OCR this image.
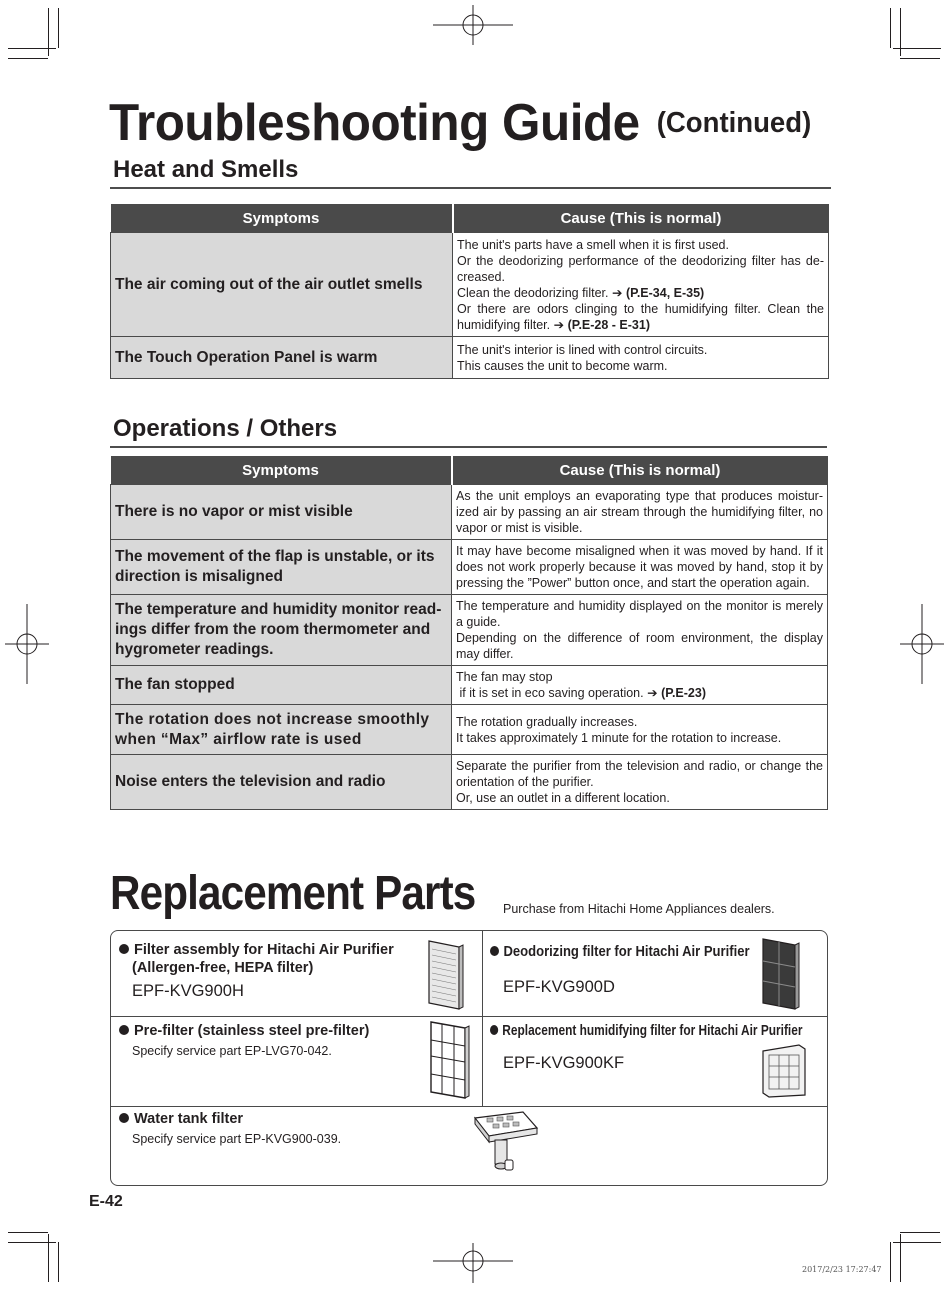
Troubleshooting Guide (Continued)
Heat and Smells
Symptoms	Cause (This is normal)
The air coming out of the air outlet smells	The unit's parts have a smell when it is first used.
Or the deodorizing performance of the deodorizing filter has de-creased.
Clean the deodorizing filter. ➔ (P.E-34, E-35)
Or there are odors clinging to the humidifying filter. Clean the humidifying filter. ➔ (P.E-28 - E-31)

The Touch Operation Panel is warm	The unit's interior is lined with control circuits.
This causes the unit to become warm.
Operations / Others
Symptoms	Cause (This is normal)
There is no vapor or mist visible	As the unit employs an evaporating type that produces moistur-ized air by passing an air stream through the humidifying filter, no vapor or mist is visible.
The movement of the flap is unstable, or its direction is misaligned	It may have become misaligned when it was moved by hand. If it does not work properly because it was moved by hand, stop it by pressing the ”Power” button once, and start the operation again.
The temperature and humidity monitor read-ings differ from the room thermometer and hygrometer readings.	The temperature and humidity displayed on the monitor is merely a guide.
Depending on the difference of room environment, the display may differ.

The fan stopped	The fan may stop
if it is set in eco saving operation. ➔ (P.E-23)

The rotation does not increase smoothly when “Max” airflow rate is used	The rotation gradually increases.
It takes approximately 1 minute for the rotation to increase.

Noise enters the television and radio	Separate the purifier from the television and radio, or change the orientation of the purifier.
Or, use an outlet in a different location.
Replacement Parts Purchase from Hitachi Home Appliances dealers.
Filter assembly for Hitachi Air Purifier
(Allergen-free, HEPA filter)
EPF-KVG900H
Deodorizing filter for Hitachi Air Purifier
EPF-KVG900D
Pre-filter (stainless steel pre-filter)
Specify service part EP-LVG70-042.
Replacement humidifying filter for Hitachi Air Purifier
EPF-KVG900KF
Water tank filter
Specify service part EP-KVG900-039.
E-42
2017/2/23 17:27:47
